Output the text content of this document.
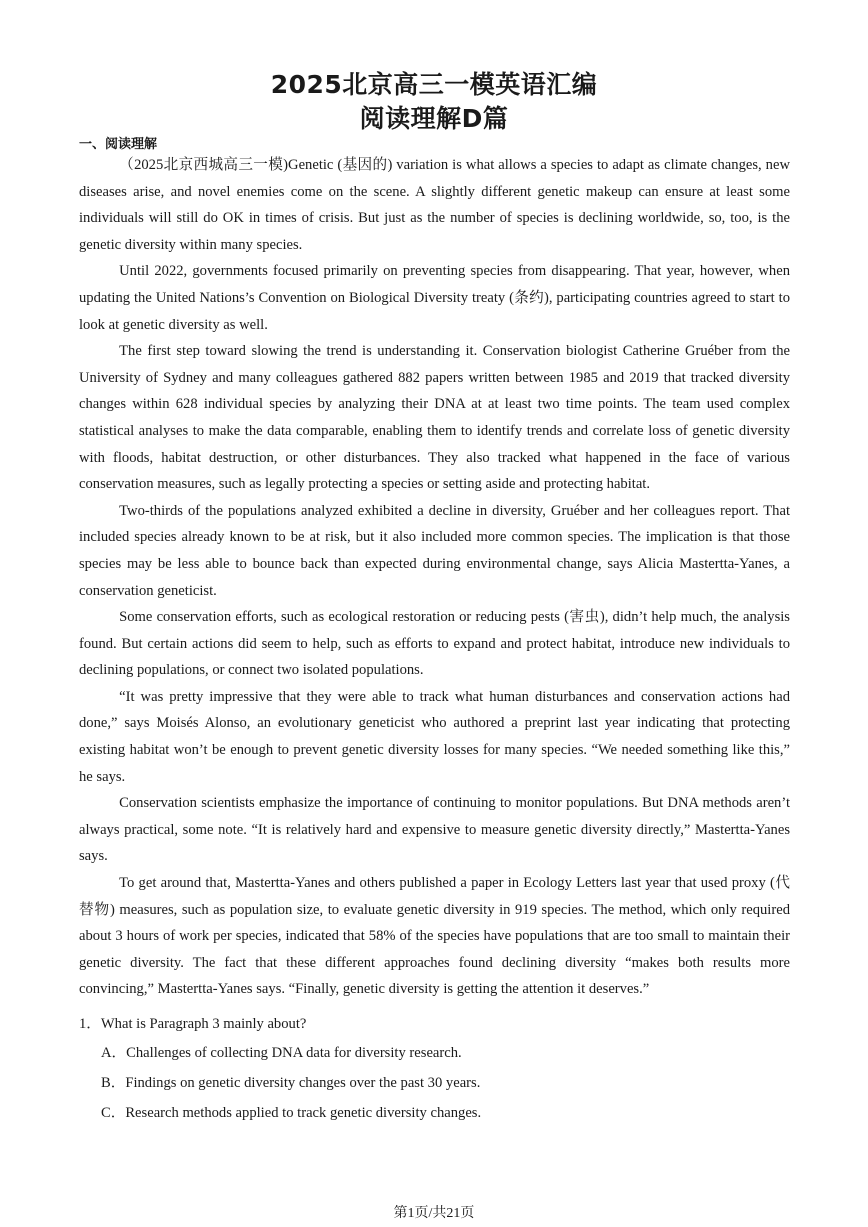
2025北京高三一模英语汇编
阅读理解D篇
一、阅读理解

（2025北京西城高三一模)Genetic (基因的) variation is what allows a species to adapt as climate changes, new diseases arise, and novel enemies come on the scene. A slightly different genetic makeup can ensure at least some individuals will still do OK in times of crisis. But just as the number of species is declining worldwide, so, too, is the genetic diversity within many species.

Until 2022, governments focused primarily on preventing species from disappearing. That year, however, when updating the United Nations’s Convention on Biological Diversity treaty (条约), participating countries agreed to start to look at genetic diversity as well.

The first step toward slowing the trend is understanding it. Conservation biologist Catherine Gruéber from the University of Sydney and many colleagues gathered 882 papers written between 1985 and 2019 that tracked diversity changes within 628 individual species by analyzing their DNA at at least two time points. The team used complex statistical analyses to make the data comparable, enabling them to identify trends and correlate loss of genetic diversity with floods, habitat destruction, or other disturbances. They also tracked what happened in the face of various conservation measures, such as legally protecting a species or setting aside and protecting habitat.

Two-thirds of the populations analyzed exhibited a decline in diversity, Gruéber and her colleagues report. That included species already known to be at risk, but it also included more common species. The implication is that those species may be less able to bounce back than expected during environmental change, says Alicia Mastertta-Yanes, a conservation geneticist.

Some conservation efforts, such as ecological restoration or reducing pests (害虫), didn’t help much, the analysis found. But certain actions did seem to help, such as efforts to expand and protect habitat, introduce new individuals to declining populations, or connect two isolated populations.

“It was pretty impressive that they were able to track what human disturbances and conservation actions had done,” says Moisés Alonso, an evolutionary geneticist who authored a preprint last year indicating that protecting existing habitat won’t be enough to prevent genetic diversity losses for many species. “We needed something like this,” he says.

Conservation scientists emphasize the importance of continuing to monitor populations. But DNA methods aren’t always practical, some note. “It is relatively hard and expensive to measure genetic diversity directly,” Mastertta-Yanes says.

To get around that, Mastertta-Yanes and others published a paper in Ecology Letters last year that used proxy (代替物) measures, such as population size, to evaluate genetic diversity in 919 species. The method, which only required about 3 hours of work per species, indicated that 58% of the species have populations that are too small to maintain their genetic diversity. The fact that these different approaches found declining diversity “makes both results more convincing,” Mastertta-Yanes says. “Finally, genetic diversity is getting the attention it deserves.”

1．What is Paragraph 3 mainly about?
A．Challenges of collecting DNA data for diversity research.
B．Findings on genetic diversity changes over the past 30 years.
C．Research methods applied to track genetic diversity changes.
第1页/共21页
